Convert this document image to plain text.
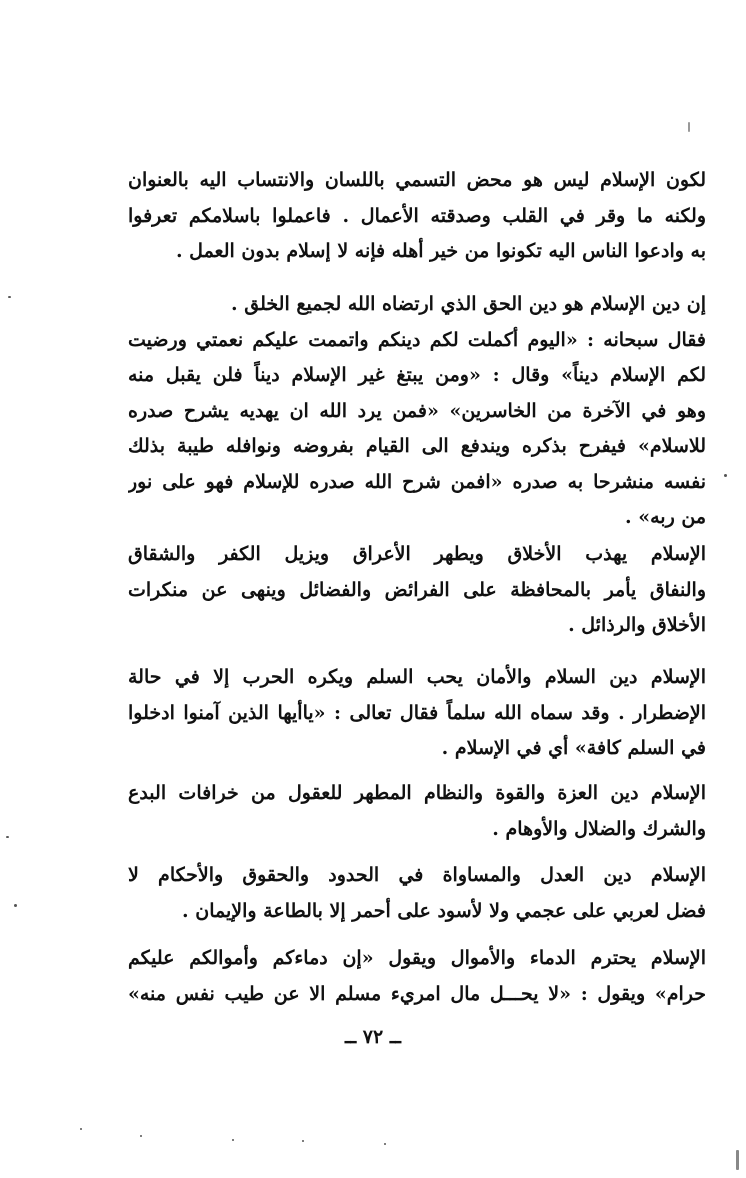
لكون الإسلام ليس هو محض التسمي باللسان والانتساب اليه بالعنوان
ولكنه ما وقر في القلب وصدقته الأعمال . فاعملوا باسلامكم تعرفوا
به وادعوا الناس اليه تكونوا من خير أهله فإنه لا إسلام بدون العمل .

إن دين الإسلام هو دين الحق الذي ارتضاه الله لجميع الخلق .
فقال سبحانه : «اليوم أكملت لكم دينكم واتممت عليكم نعمتي ورضيت
لكم الإسلام ديناً» وقال : «ومن يبتغ غير الإسلام ديناً فلن يقبل منه
وهو في الآخرة من الخاسرين» «فمن يرد الله ان يهديه يشرح صدره
للاسلام» فيفرح بذكره ويندفع الى القيام بفروضه ونوافله طيبة بذلك
نفسه منشرحا به صدره «افمن شرح الله صدره للإسلام فهو على نور
من ربه» .

الإسلام يهذب الأخلاق ويطهر الأعراق ويزيل الكفر والشقاق
والنفاق يأمر بالمحافظة على الفرائض والفضائل وينهى عن منكرات
الأخلاق والرذائل .

الإسلام دين السلام والأمان يحب السلم ويكره الحرب إلا في حالة
الإضطرار . وقد سماه الله سلماً فقال تعالى : «ياأيها الذين آمنوا ادخلوا
في السلم كافة» أي في الإسلام .

الإسلام دين العزة والقوة والنظام المطهر للعقول من خرافات البدع
والشرك والضلال والأوهام .

الإسلام دين العدل والمساواة في الحدود والحقوق والأحكام لا
فضل لعربي على عجمي ولا لأسود على أحمر إلا بالطاعة والإيمان .

الإسلام يحترم الدماء والأموال ويقول «إن دماءكم وأموالكم عليكم
حرام» ويقول : «لا يحـــل مال امريء مسلم الا عن طيب نفس منه»

ــ ٧٢ ــ
